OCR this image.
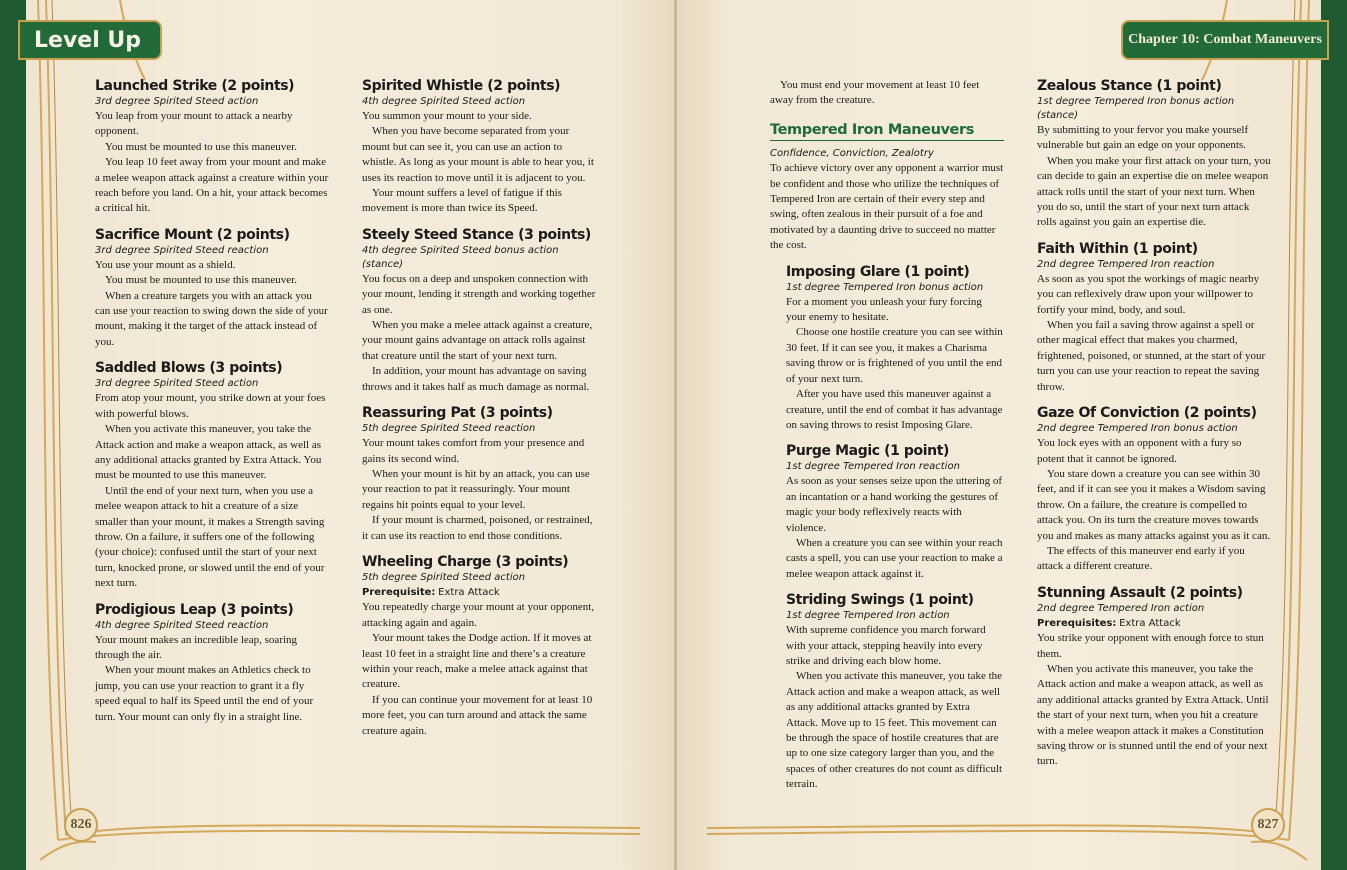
Level Up
Launched Strike (2 points)
3rd degree Spirited Steed action

You leap from your mount to attack a nearby opponent.

You must be mounted to use this maneuver.

You leap 10 feet away from your mount and make a melee weapon attack against a creature within your reach before you land. On a hit, your attack becomes a critical hit.

Sacrifice Mount (2 points)
3rd degree Spirited Steed reaction

You use your mount as a shield.

You must be mounted to use this maneuver.

When a creature targets you with an attack you can use your reaction to swing down the side of your mount, making it the target of the attack instead of you.

Saddled Blows (3 points)
3rd degree Spirited Steed action

From atop your mount, you strike down at your foes with powerful blows.

When you activate this maneuver, you take the Attack action and make a weapon attack, as well as any additional attacks granted by Extra Attack. You must be mounted to use this maneuver.

Until the end of your next turn, when you use a melee weapon attack to hit a creature of a size smaller than your mount, it makes a Strength saving throw. On a failure, it suffers one of the following (your choice): confused until the start of your next turn, knocked prone, or slowed until the end of your next turn.

Prodigious Leap (3 points)
4th degree Spirited Steed reaction

Your mount makes an incredible leap, soaring through the air.

When your mount makes an Athletics check to jump, you can use your reaction to grant it a fly speed equal to half its Speed until the end of your turn. Your mount can only fly in a straight line.

Spirited Whistle (2 points)
4th degree Spirited Steed action

You summon your mount to your side.

When you have become separated from your mount but can see it, you can use an action to whistle. As long as your mount is able to hear you, it uses its reaction to move until it is adjacent to you.

Your mount suffers a level of fatigue if this movement is more than twice its Speed.

Steely Steed Stance (3 points)
4th degree Spirited Steed bonus action (stance)

You focus on a deep and unspoken connection with your mount, lending it strength and working together as one.

When you make a melee attack against a creature, your mount gains advantage on attack rolls against that creature until the start of your next turn.

In addition, your mount has advantage on saving throws and it takes half as much damage as normal.

Reassuring Pat (3 points)
5th degree Spirited Steed reaction

Your mount takes comfort from your presence and gains its second wind.

When your mount is hit by an attack, you can use your reaction to pat it reassuringly. Your mount regains hit points equal to your level.

If your mount is charmed, poisoned, or restrained, it can use its reaction to end those conditions.

Wheeling Charge (3 points)
5th degree Spirited Steed action
Prerequisite: Extra Attack

You repeatedly charge your mount at your opponent, attacking again and again.

Your mount takes the Dodge action. If it moves at least 10 feet in a straight line and there’s a creature within your reach, make a melee attack against that creature.

If you can continue your movement for at least 10 more feet, you can turn around and attack the same creature again.

826
Chapter 10: Combat Maneuvers

You must end your movement at least 10 feet away from the creature.

Tempered Iron Maneuvers
Confidence, Conviction, Zealotry

To achieve victory over any opponent a warrior must be confident and those who utilize the techniques of Tempered Iron are certain of their every step and swing, often zealous in their pursuit of a foe and motivated by a daunting drive to succeed no matter the cost.

Imposing Glare (1 point)
1st degree Tempered Iron bonus action

For a moment you unleash your fury forcing your enemy to hesitate.

Choose one hostile creature you can see within 30 feet. If it can see you, it makes a Charisma saving throw or is frightened of you until the end of your next turn.

After you have used this maneuver against a creature, until the end of combat it has advantage on saving throws to resist Imposing Glare.

Purge Magic (1 point)
1st degree Tempered Iron reaction

As soon as your senses seize upon the uttering of an incantation or a hand working the gestures of magic your body reflexively reacts with violence.

When a creature you can see within your reach casts a spell, you can use your reaction to make a melee weapon attack against it.

Striding Swings (1 point)
1st degree Tempered Iron action

With supreme confidence you march forward with your attack, stepping heavily into every strike and driving each blow home.

When you activate this maneuver, you take the Attack action and make a weapon attack, as well as any additional attacks granted by Extra Attack. Move up to 15 feet. This movement can be through the space of hostile creatures that are up to one size category larger than you, and the spaces of other creatures do not count as difficult terrain.

Zealous Stance (1 point)
1st degree Tempered Iron bonus action (stance)

By submitting to your fervor you make yourself vulnerable but gain an edge on your opponents.

When you make your first attack on your turn, you can decide to gain an expertise die on melee weapon attack rolls until the start of your next turn. When you do so, until the start of your next turn attack rolls against you gain an expertise die.

Faith Within (1 point)
2nd degree Tempered Iron reaction

As soon as you spot the workings of magic nearby you can reflexively draw upon your willpower to fortify your mind, body, and soul.

When you fail a saving throw against a spell or other magical effect that makes you charmed, frightened, poisoned, or stunned, at the start of your turn you can use your reaction to repeat the saving throw.

Gaze Of Conviction (2 points)
2nd degree Tempered Iron bonus action

You lock eyes with an opponent with a fury so potent that it cannot be ignored.

You stare down a creature you can see within 30 feet, and if it can see you it makes a Wisdom saving throw. On a failure, the creature is compelled to attack you. On its turn the creature moves towards you and makes as many attacks against you as it can.

The effects of this maneuver end early if you attack a different creature.

Stunning Assault (2 points)
2nd degree Tempered Iron action
Prerequisites: Extra Attack

You strike your opponent with enough force to stun them.

When you activate this maneuver, you take the Attack action and make a weapon attack, as well as any additional attacks granted by Extra Attack. Until the start of your next turn, when you hit a creature with a melee weapon attack it makes a Constitution saving throw or is stunned until the end of your next turn.

827
